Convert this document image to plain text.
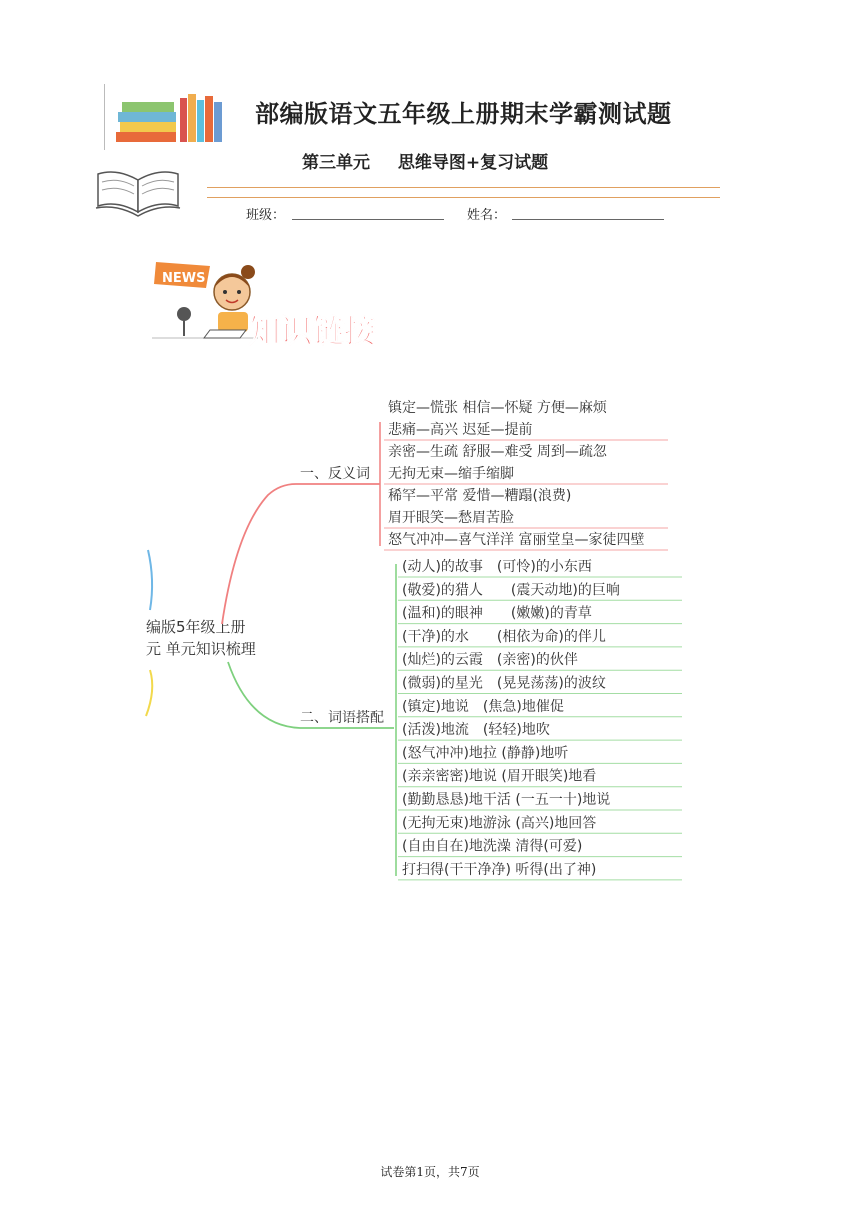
部编版语文五年级上册期末学霸测试题
第三单元 思维导图+复习试题
班级：	姓名：
NEWS
知识链接
编版5年级上册
元 单元知识梳理
一、反义词
二、词语搭配
镇定—慌张 相信—怀疑 方便—麻烦
悲痛—高兴 迟延—提前
亲密—生疏 舒服—难受 周到—疏忽
无拘无束—缩手缩脚
稀罕—平常 爱惜—糟蹋(浪费)
眉开眼笑—愁眉苦脸
怒气冲冲—喜气洋洋 富丽堂皇—家徒四壁
(动人)的故事　(可怜)的小东西
(敬爱)的猎人　　(震天动地)的巨响
(温和)的眼神　　(嫩嫩)的青草
(干净)的水　　(相依为命)的伴儿
(灿烂)的云霞　(亲密)的伙伴
(微弱)的星光　(晃晃荡荡)的波纹
(镇定)地说　(焦急)地催促
(活泼)地流　(轻轻)地吹
(怒气冲冲)地拉 (静静)地听
(亲亲密密)地说 (眉开眼笑)地看
(勤勤恳恳)地干活 (一五一十)地说
(无拘无束)地游泳 (高兴)地回答
(自由自在)地洗澡 清得(可爱)
打扫得(干干净净) 听得(出了神)
试卷第1页，共7页
